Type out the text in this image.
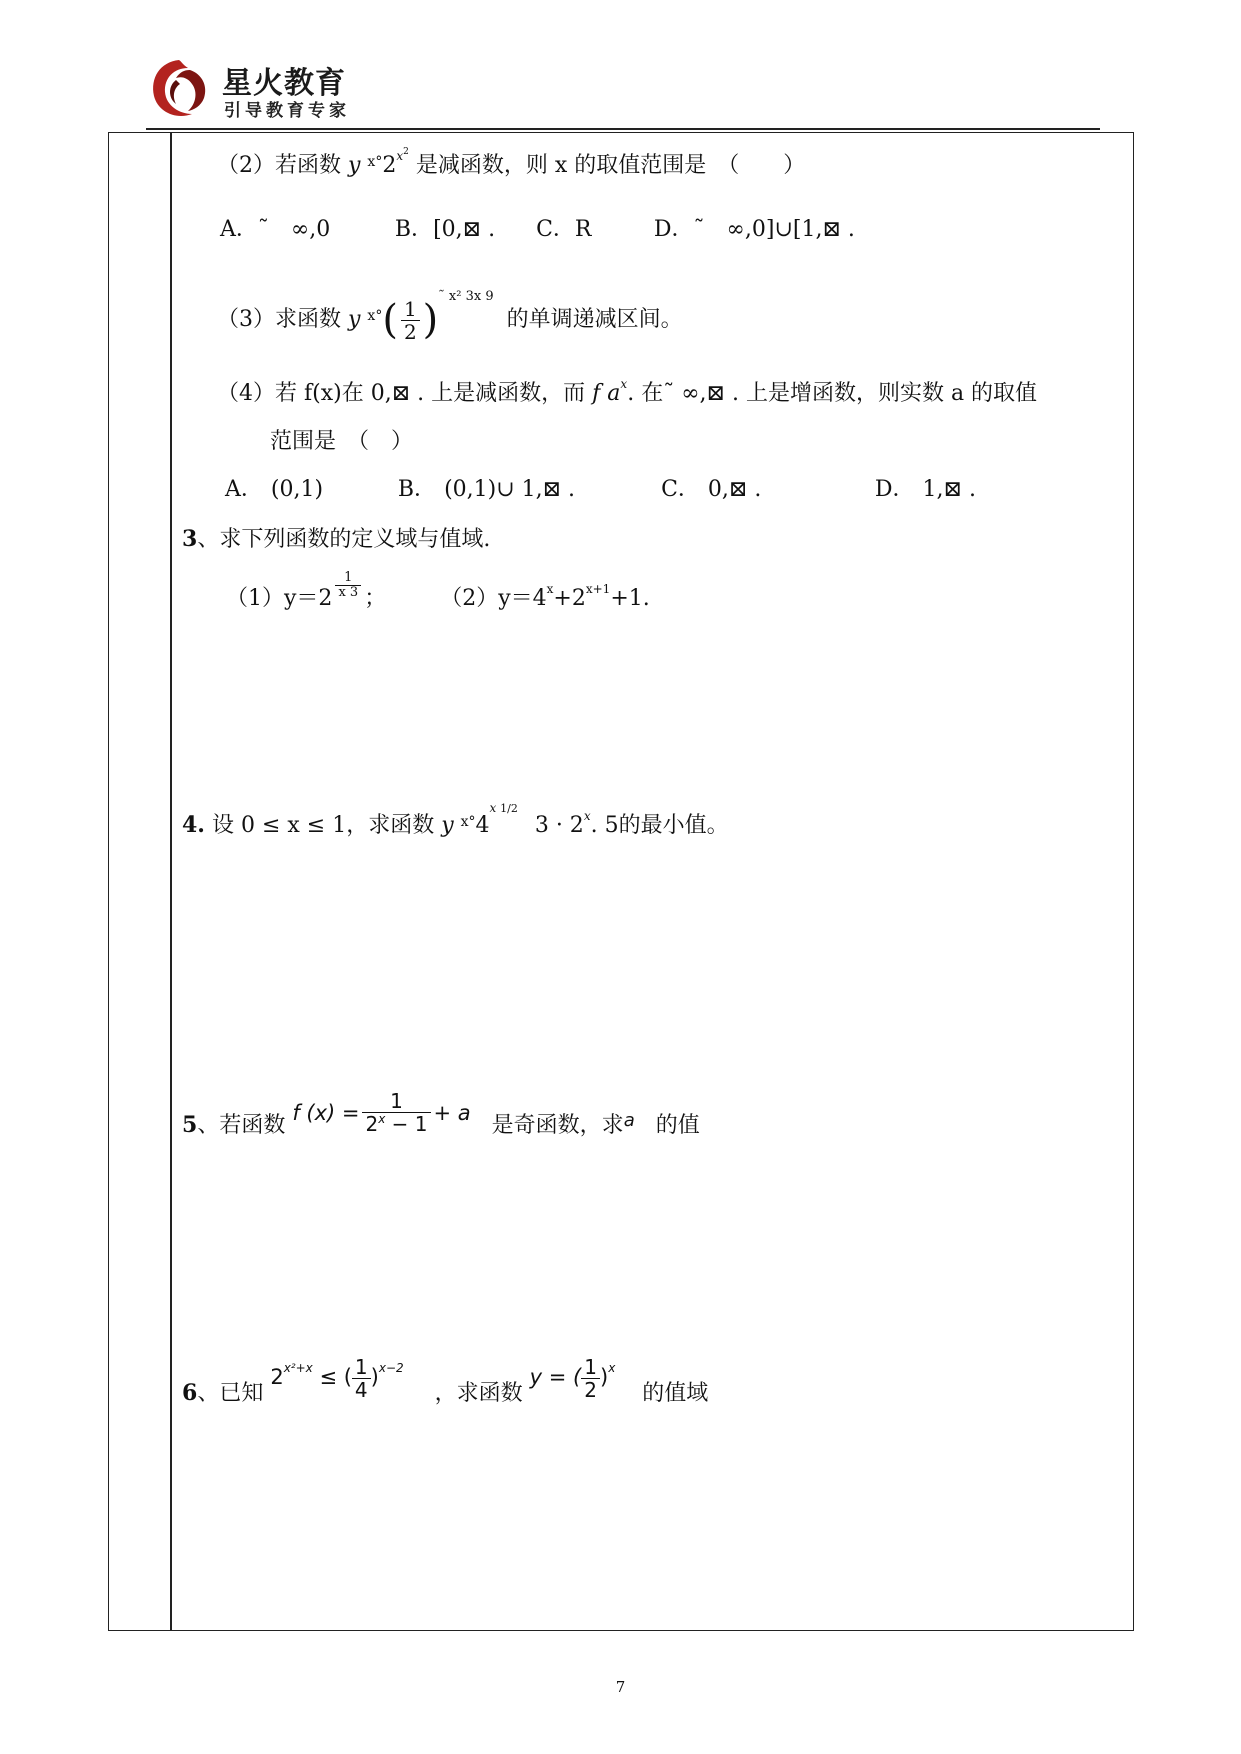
星火教育
引导教育专家
（2）若函数 y $^{x^\circ}2^{x2}$ 是减函数，则 x 的取值范围是　（　　）
A．˜　∞,0	B．[0,⊠ . C．R	D．˜　∞,0]∪[1,⊠ .
（3）求函数 y $^{x^\circ}( \frac{1}{2} )^{˜ x^2 3x 9}$ 的单调递减区间。
（4）若 f(x)在 0,⊠ . 上是减函数，而 f $a^x$. 在˜ ∞,⊠ . 上是增函数，则实数 a 的取值
范围是　（　）
A． (0,1)	B． (0,1)∪ 1,⊠ .	C． 0,⊠ .	D． 1,⊠ .
3、求下列函数的定义域与值域.
$(1)y=2 \frac{1}{x 3}$ ； $(2)y=4^x+2^{x+1}+1$.
4. 设 0 ≤ x ≤ 1，求函数 y $^{x^\circ}$4$^x$ $^{1/2}$ $3 \cdot 2^x$. 5的最小值。
5、若函数 f $(x) = \frac{1}{2^x - 1} + a$ 是奇函数，求$^a$ 的值
6、已知 $2^{x^2+x}$ ≤ ( $\frac{1}{4} )^{x-2}$ ，求函数 y = ( $\frac{1}{2} )^x$ 的值域
7
